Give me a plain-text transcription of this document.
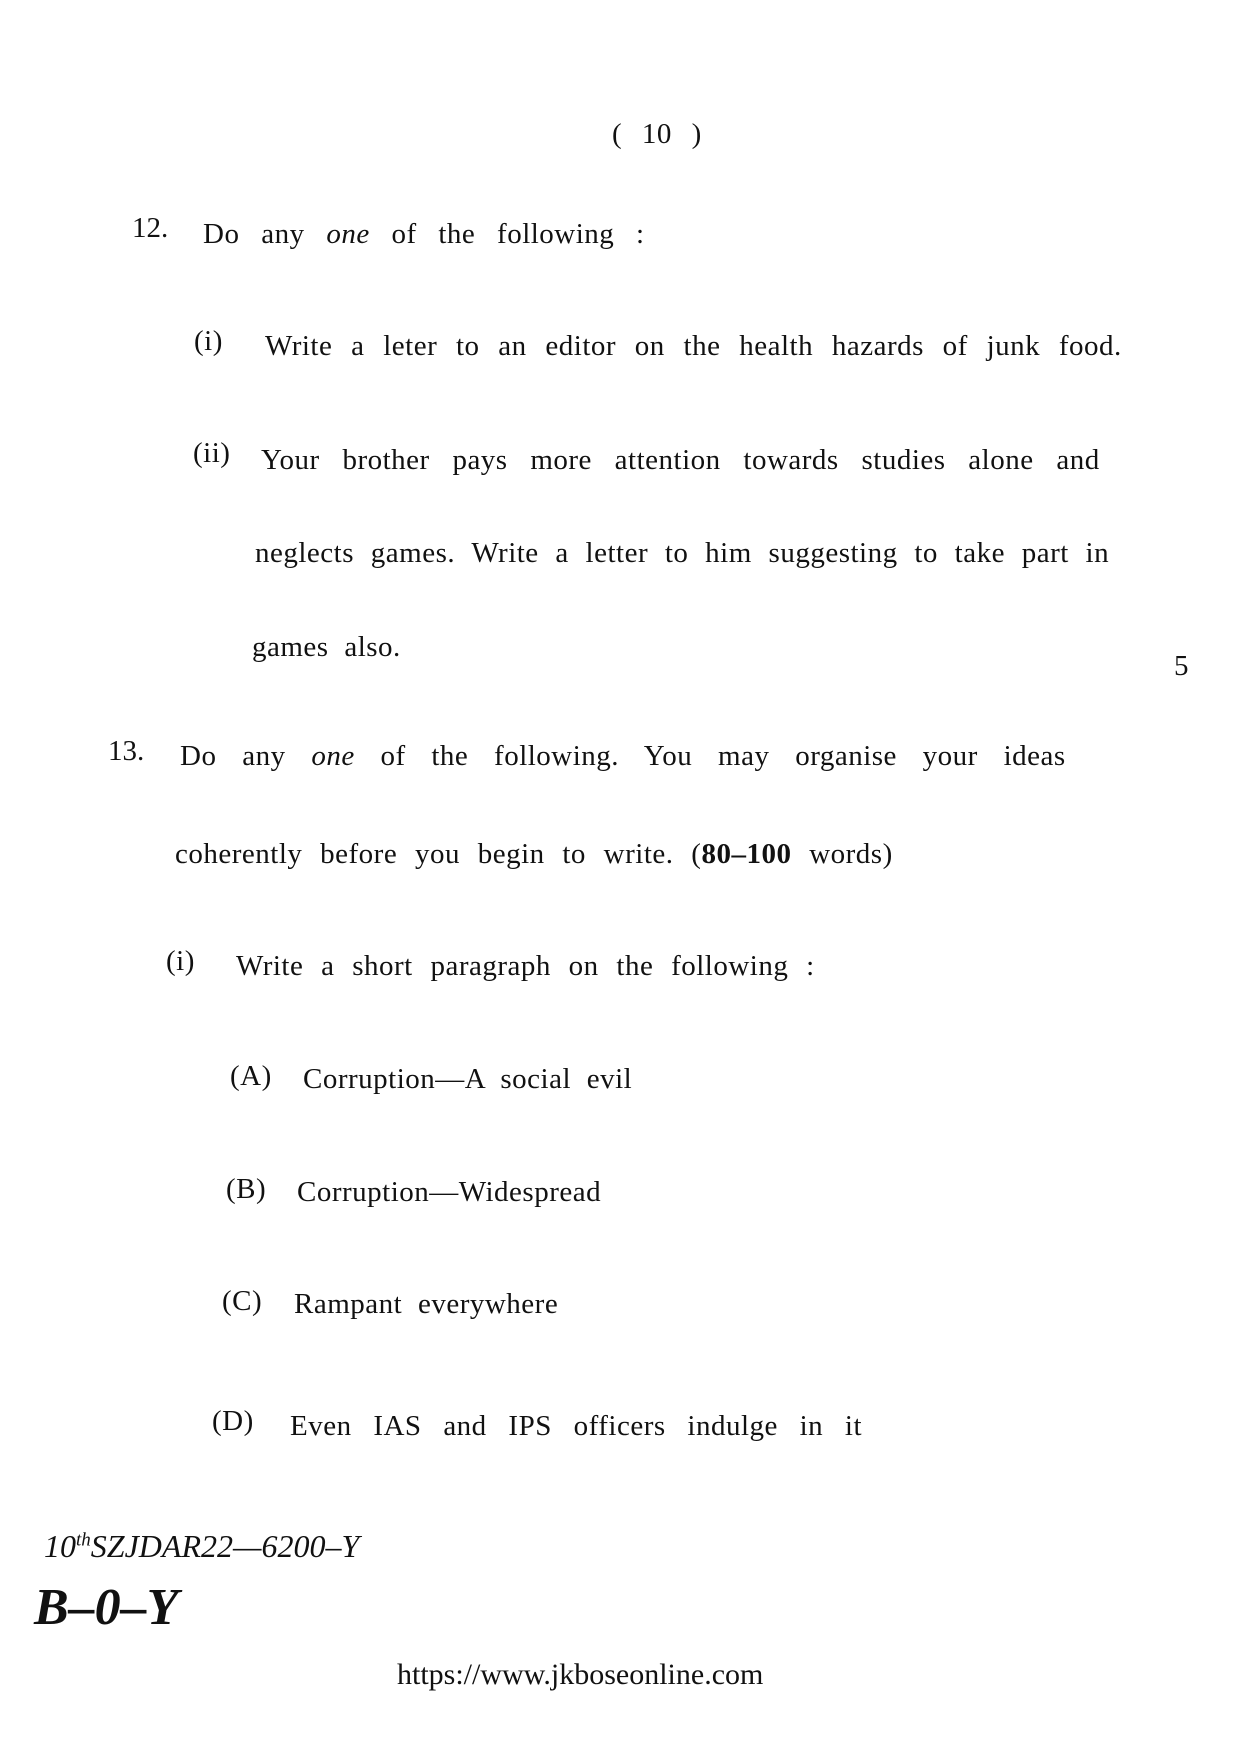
( 10 )
12. Do any one of the following :
(i) Write a leter to an editor on the health hazards of junk food.
(ii) Your brother pays more attention towards studies alone and
neglects games. Write a letter to him suggesting to take part in
games also.
5
13. Do any one of the following. You may organise your ideas
coherently before you begin to write. (80–100 words)
(i) Write a short paragraph on the following :
(A) Corruption—A social evil
(B) Corruption—Widespread
(C) Rampant everywhere
(D) Even IAS and IPS officers indulge in it
10thSZJDAR22—6200–Y
B–0–Y
https://www.jkboseonline.com
